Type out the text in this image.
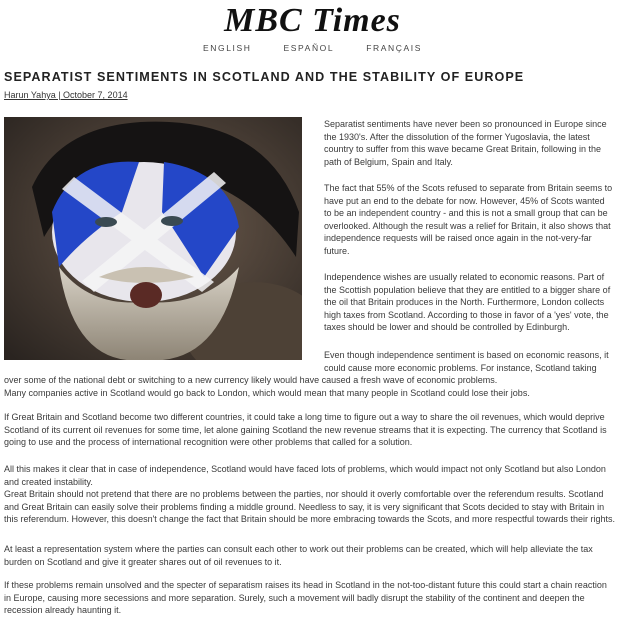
MBC Times
ENGLISH	ESPAÑOL	FRANÇAIS
SEPARATIST SENTIMENTS IN SCOTLAND AND THE STABILITY OF EUROPE
Harun Yahya | October 7, 2014

Separatist sentiments have never been so pronounced in Europe since the 1930's. After the dissolution of the former Yugoslavia, the latest country to suffer from this wave became Great Britain, following in the path of Belgium, Spain and Italy.

The fact that 55% of the Scots refused to separate from Britain seems to have put an end to the debate for now. However, 45% of Scots wanted to be an independent country - and this is not a small group that can be overlooked. Although the result was a relief for Britain, it also shows that independence requests will be raised once again in the not-very-far future.

Independence wishes are usually related to economic reasons. Part of the Scottish population believe that they are entitled to a bigger share of the oil that Britain produces in the North. Furthermore, London collects high taxes from Scotland. According to those in favor of a 'yes' vote, the taxes should be lower and should be controlled by Edinburgh.

Even though independence sentiment is based on economic reasons, it could cause more economic problems. For instance, Scotland taking

over some of the national debt or switching to a new currency likely would have caused a fresh wave of economic problems.

Many companies active in Scotland would go back to London, which would mean that many people in Scotland could lose their jobs.

If Great Britain and Scotland become two different countries, it could take a long time to figure out a way to share the oil revenues, which would deprive Scotland of its current oil revenues for some time, let alone gaining Scotland the new revenue streams that it is expecting. The currency that Scotland is going to use and the process of international recognition were other problems that called for a solution.

All this makes it clear that in case of independence, Scotland would have faced lots of problems, which would impact not only Scotland but also London and created instability.

Great Britain should not pretend that there are no problems between the parties, nor should it overly comfortable over the referendum results. Scotland and Great Britain can easily solve their problems finding a middle ground. Needless to say, it is very significant that Scots decided to stay with Britain in this referendum. However, this doesn't change the fact that Britain should be more embracing towards the Scots, and more respectful towards their rights.

At least a representation system where the parties can consult each other to work out their problems can be created, which will help alleviate the tax burden on Scotland and give it greater shares out of oil revenues to it.

If these problems remain unsolved and the specter of separatism raises its head in Scotland in the not-too-distant future this could start a chain reaction in Europe, causing more secessions and more separation. Surely, such a movement will badly disrupt the stability of the continent and deepen the recession already haunting it.
